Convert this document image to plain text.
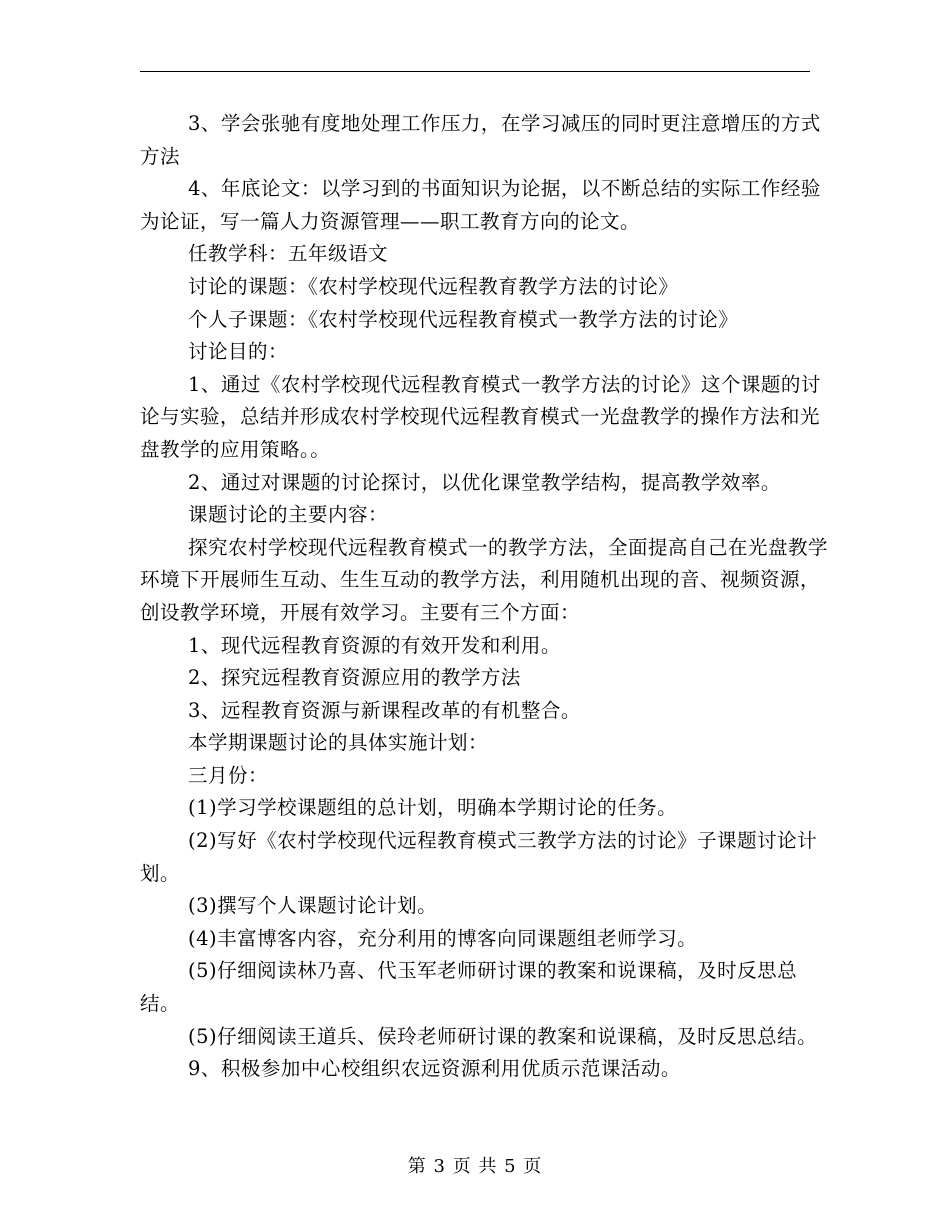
3、学会张驰有度地处理工作压力，在学习减压的同时更注意增压的方式方法

4、年底论文：以学习到的书面知识为论据，以不断总结的实际工作经验为论证，写一篇人力资源管理——职工教育方向的论文。

任教学科：五年级语文

讨论的课题：《农村学校现代远程教育教学方法的讨论》

个人子课题：《农村学校现代远程教育模式一教学方法的讨论》

讨论目的：

1、通过《农村学校现代远程教育模式一教学方法的讨论》这个课题的讨论与实验，总结并形成农村学校现代远程教育模式一光盘教学的操作方法和光盘教学的应用策略。。

2、通过对课题的讨论探讨，以优化课堂教学结构，提高教学效率。

课题讨论的主要内容：

探究农村学校现代远程教育模式一的教学方法，全面提高自己在光盘教学环境下开展师生互动、生生互动的教学方法，利用随机出现的音、视频资源，创设教学环境，开展有效学习。主要有三个方面：

1、现代远程教育资源的有效开发和利用。

2、探究远程教育资源应用的教学方法

3、远程教育资源与新课程改革的有机整合。

本学期课题讨论的具体实施计划：

三月份：

(1)学习学校课题组的总计划，明确本学期讨论的任务。

(2)写好《农村学校现代远程教育模式三教学方法的讨论》子课题讨论计划。

(3)撰写个人课题讨论计划。

(4)丰富博客内容，充分利用的博客向同课题组老师学习。

(5)仔细阅读林乃喜、代玉军老师研讨课的教案和说课稿，及时反思总结。

(5)仔细阅读王道兵、侯玲老师研讨课的教案和说课稿，及时反思总结。

9、积极参加中心校组织农远资源利用优质示范课活动。

第 3 页 共 5 页
